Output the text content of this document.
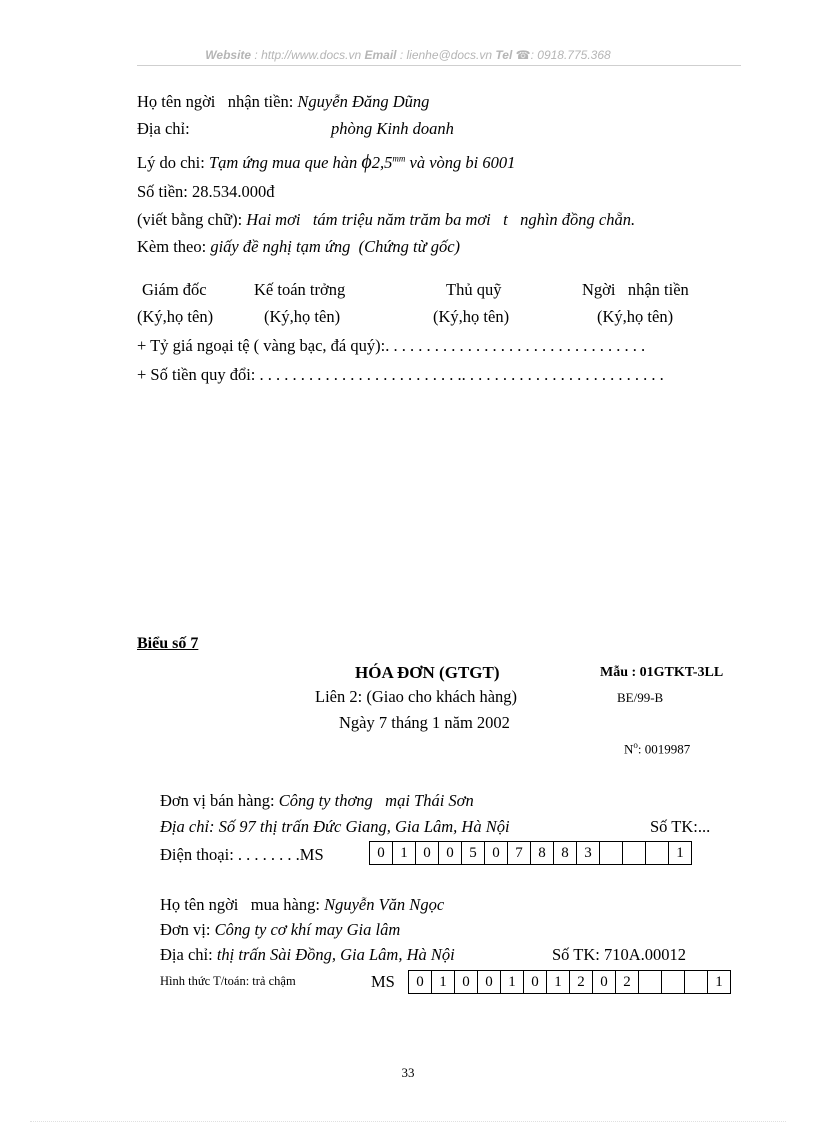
Website : http://www.docs.vn Email : lienhe@docs.vn Tel ☎: 0918.775.368
Họ tên ngời   nhận tiền: Nguyễn Đăng Dũng
Địa chỉ:	phòng Kinh doanh
Lý do chi: Tạm ứng mua que hàn $\phi 2,5^{mm}$ và vòng bi 6001
Số tiền: 28.534.000đ
(viết bằng chữ): Hai mơi   tám triệu năm trăm ba mơi   t   nghìn đồng chẵn.
Kèm theo: giấy đề nghị tạm ứng  (Chứng từ gốc)
Giám đốc	Kế toán trởng	Thủ quỹ	Ngời   nhận tiền
(Ký,họ tên)	(Ký,họ tên)	(Ký,họ tên)	(Ký,họ tên)
+ Tỷ giá ngoại tệ ( vàng bạc, đá quý):. . . . . . . . . . . . . . . . . . . . . . . . . . . . . . . .
+ Số tiền quy đổi: . . . . . . . . . . . . . . . . . . . . . . . . .. . . . . . . . . . . . . . . . . . . . . . . . .
Biểu số 7
HÓA ĐƠN (GTGT)	Mẫu : 01GTKT-3LL
Liên 2: (Giao cho khách hàng)	BE/99-B
Ngày 7 tháng 1 năm 2002
$N^o$: 0019987
Đơn vị bán hàng: Công ty thơng   mại Thái Sơn
Địa chỉ: Số 97 thị trấn Đức Giang, Gia Lâm, Hà Nội	Số TK:...
Điện thoại: . . . . . . . .MS	0	1	0	0	5	0	7	8	8	3				1
Họ tên ngời   mua hàng: Nguyễn Văn Ngọc
Đơn vị: Công ty cơ khí may Gia lâm
Địa chỉ: thị trấn Sài Đồng, Gia Lâm, Hà Nội	Số TK: 710A.00012
Hình thức T/toán: trả chậm	MS 0	1	0	0	1	0	1	2	0	2				1
33
